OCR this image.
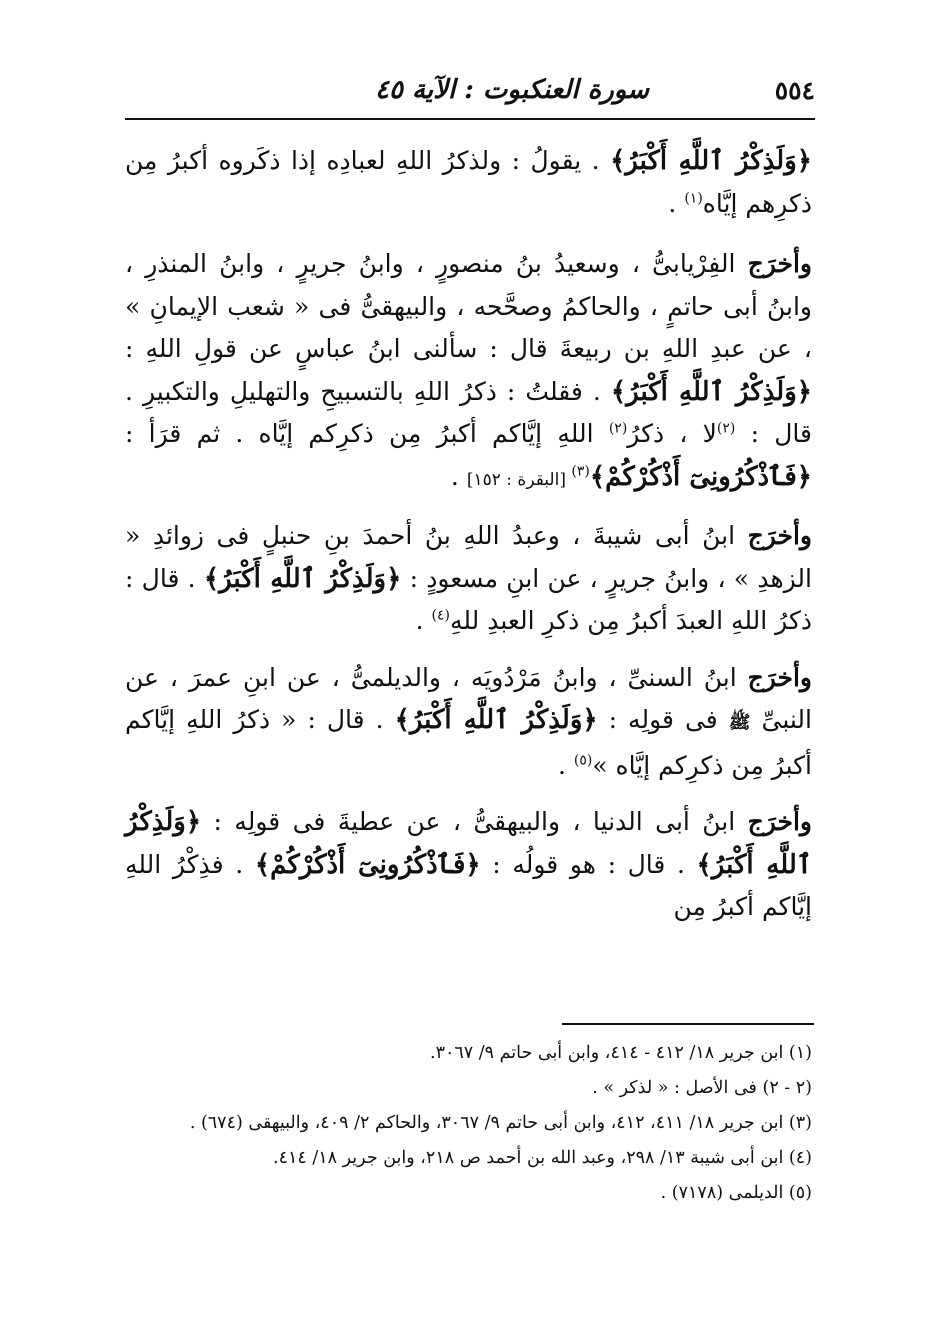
٥٥٤
سورة العنكبوت : الآية ٤٥

﴿وَلَذِكْرُ ٱللَّهِ أَكْبَرُ﴾ . يقولُ : ولذكرُ اللهِ لعبادِه إذا ذكَروه أكبرُ مِن ذكرِهم إيَّاه$^{(١)}$ .

وأخرَج الفِرْيابىُّ ، وسعيدُ بنُ منصورٍ ، وابنُ جريرٍ ، وابنُ المنذرِ ، وابنُ أبى حاتمٍ ، والحاكمُ وصحَّحه ، والبيهقىُّ فى « شعب الإيمانِ » ، عن عبدِ اللهِ بن ربيعةَ قال : سألنى ابنُ عباسٍ عن قولِ اللهِ : ﴿وَلَذِكْرُ ٱللَّهِ أَكْبَرُ﴾ . فقلتُ : ذكرُ اللهِ بالتسبيحِ والتهليلِ والتكبيرِ . قال : $^{(٢)}$لا ، ذكرُ$^{(٢)}$ اللهِ إيَّاكم أكبرُ مِن ذكرِكم إيَّاه . ثم قرَأ : ﴿فَٱذْكُرُونِىٓ أَذْكُرْكُمْ﴾$^{(٣)}$ [البقرة : ١٥٢] .

وأخرَج ابنُ أبى شيبةَ ، وعبدُ اللهِ بنُ أحمدَ بنِ حنبلٍ فى زوائدِ « الزهدِ » ، وابنُ جريرٍ ، عن ابنِ مسعودٍ : ﴿وَلَذِكْرُ ٱللَّهِ أَكْبَرُ﴾ . قال : ذكرُ اللهِ العبدَ أكبرُ مِن ذكرِ العبدِ للهِ$^{(٤)}$ .

وأخرَج ابنُ السنىِّ ، وابنُ مَرْدُويَه ، والديلمىُّ ، عن ابنِ عمرَ ، عن النبىِّ ﷺ فى قولِه : ﴿وَلَذِكْرُ ٱللَّهِ أَكْبَرُ﴾ . قال : « ذكرُ اللهِ إيَّاكم أكبرُ مِن ذكرِكم إيَّاه »$^{(٥)}$ .

وأخرَج ابنُ أبى الدنيا ، والبيهقىُّ ، عن عطيةَ فى قولِه : ﴿وَلَذِكْرُ ٱللَّهِ أَكْبَرُ﴾ . قال : هو قولُه : ﴿فَٱذْكُرُونِىٓ أَذْكُرْكُمْ﴾ . فذِكْرُ اللهِ إيَّاكم أكبرُ مِن

(١) ابن جرير ١٨/ ٤١٢ - ٤١٤، وابن أبى حاتم ٩/ ٣٠٦٧.
(٢ - ٢) فى الأصل : « لذكر » .
(٣) ابن جرير ١٨/ ٤١١، ٤١٢، وابن أبى حاتم ٩/ ٣٠٦٧، والحاكم ٢/ ٤٠٩، والبيهقى (٦٧٤) .
(٤) ابن أبى شيبة ١٣/ ٢٩٨، وعبد الله بن أحمد ص ٢١٨، وابن جرير ١٨/ ٤١٤.
(٥) الديلمى (٧١٧٨) .
